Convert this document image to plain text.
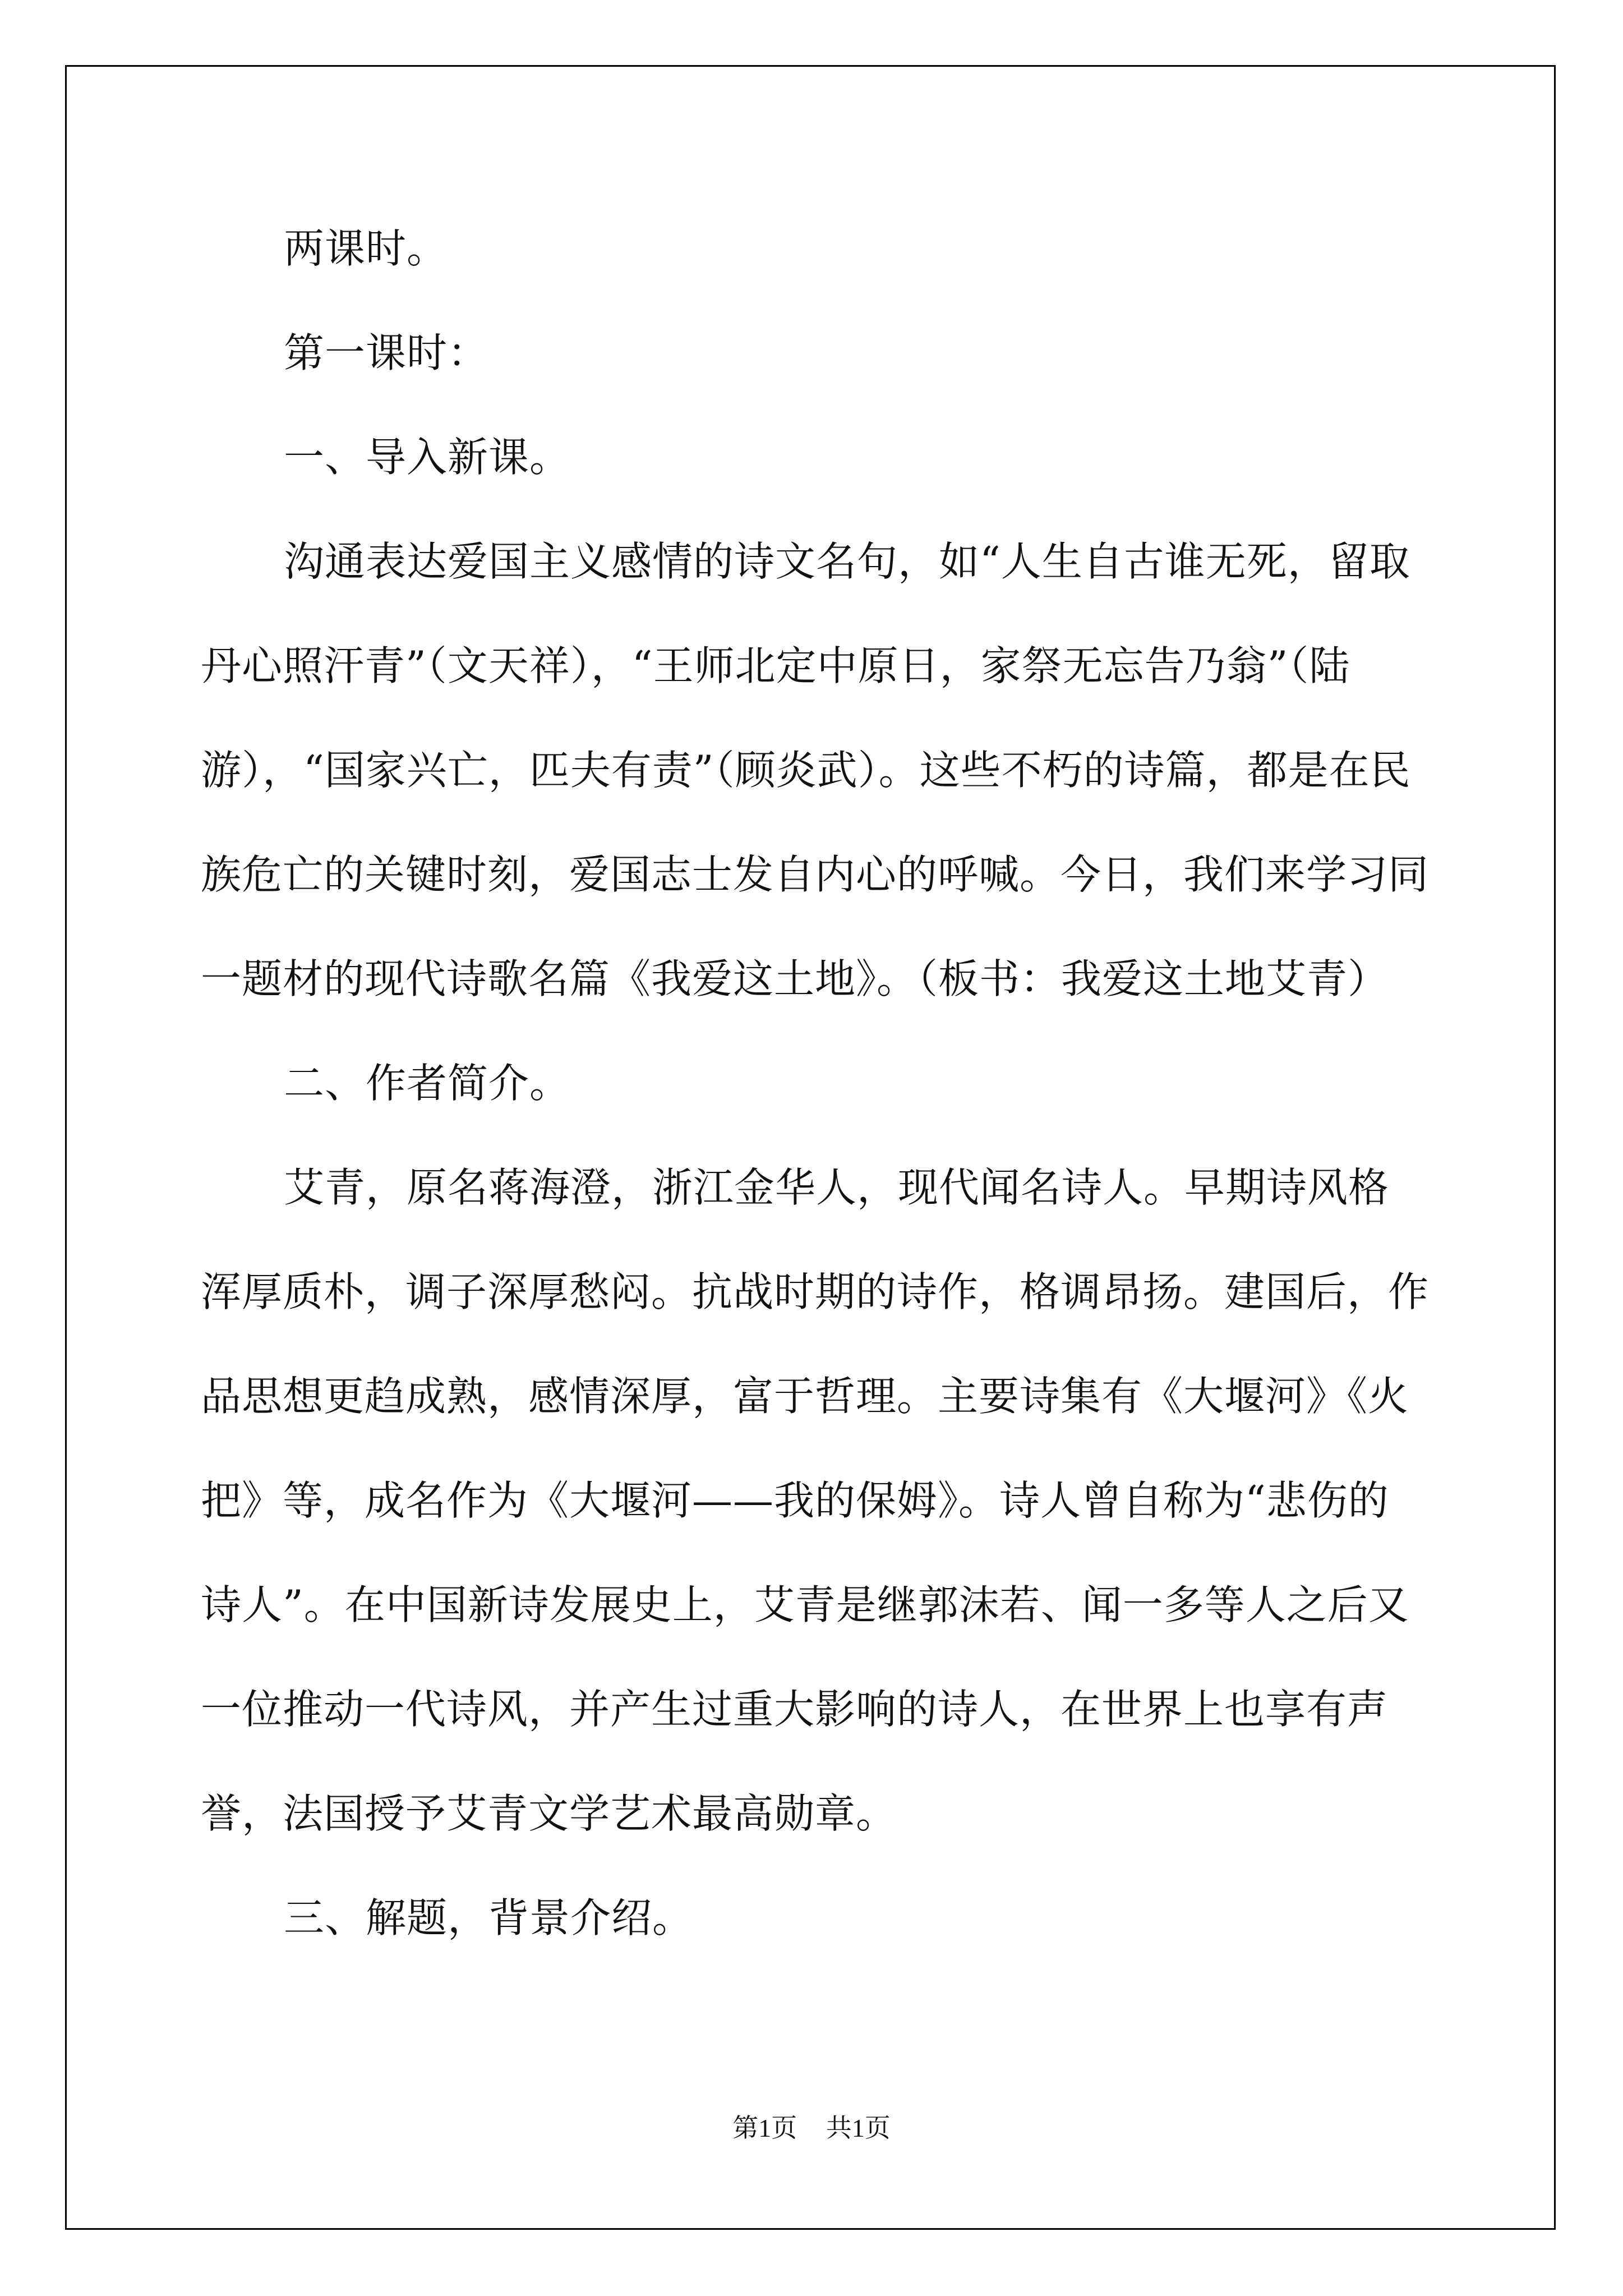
两课时。

第一课时：

一、导入新课。

沟通表达爱国主义感情的诗文名句，如“人生自古谁无死，留取丹心照汗青”（文天祥），“王师北定中原日，家祭无忘告乃翁”（陆游），“国家兴亡，匹夫有责”（顾炎武）。这些不朽的诗篇，都是在民族危亡的关键时刻，爱国志士发自内心的呼喊。今日，我们来学习同一题材的现代诗歌名篇《我爱这土地》。（板书：我爱这土地艾青）

二、作者简介。

艾青，原名蒋海澄，浙江金华人，现代闻名诗人。早期诗风格浑厚质朴，调子深厚愁闷。抗战时期的诗作，格调昂扬。建国后，作品思想更趋成熟，感情深厚，富于哲理。主要诗集有《大堰河》《火把》等，成名作为《大堰河——我的保姆》。诗人曾自称为“悲伤的诗人”。在中国新诗发展史上，艾青是继郭沫若、闻一多等人之后又一位推动一代诗风，并产生过重大影响的诗人，在世界上也享有声誉，法国授予艾青文学艺术最高勋章。

三、解题，背景介绍。

第1页 共1页
